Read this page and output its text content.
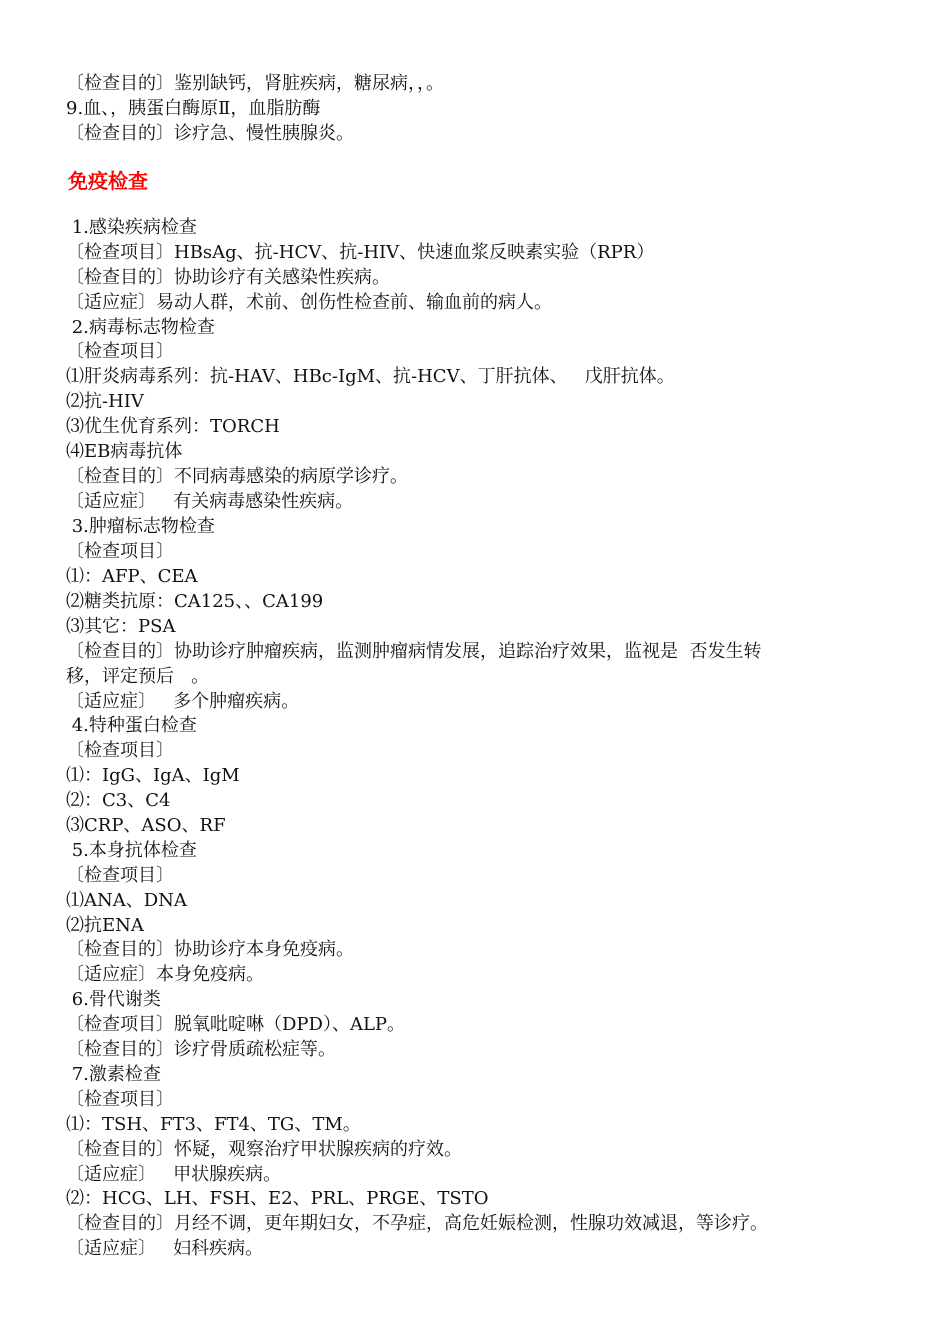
〔检查目的〕鉴别缺钙，肾脏疾病，糖尿病，，。
9.血、，胰蛋白酶原Ⅱ，血脂肪酶
〔检查目的〕诊疗急、慢性胰腺炎。
免疫检查
1.感染疾病检查
〔检查项目〕HBsAg、抗-HCV、抗-HIV、快速血浆反映素实验（RPR）
〔检查目的〕协助诊疗有关感染性疾病。
〔适应症〕易动人群，术前、创伤性检查前、输血前的病人。
2.病毒标志物检查
〔检查项目〕
⑴肝炎病毒系列：抗-HAV、HBc-IgM、抗-HCV、丁肝抗体、   戊肝抗体。
⑵抗-HIV
⑶优生优育系列：TORCH
⑷EB病毒抗体
〔检查目的〕不同病毒感染的病原学诊疗。
〔适应症〕   有关病毒感染性疾病。
3.肿瘤标志物检查
〔检查项目〕
⑴：AFP、CEA
⑵糖类抗原：CA125、、CA199
⑶其它：PSA
〔检查目的〕协助诊疗肿瘤疾病，监测肿瘤病情发展，追踪治疗效果，监视是  否发生转
移，评定预后   。
〔适应症〕   多个肿瘤疾病。
4.特种蛋白检查
〔检查项目〕
⑴：IgG、IgA、IgM
⑵：C3、C4
⑶CRP、ASO、RF
5.本身抗体检查
〔检查项目〕
⑴ANA、DNA
⑵抗ENA
〔检查目的〕协助诊疗本身免疫病。
〔适应症〕本身免疫病。
6.骨代谢类
〔检查项目〕脱氧吡啶啉（DPD）、ALP。
〔检查目的〕诊疗骨质疏松症等。
7.激素检查
〔检查项目〕
⑴：TSH、FT3、FT4、TG、TM。
〔检查目的〕怀疑，观察治疗甲状腺疾病的疗效。
〔适应症〕   甲状腺疾病。
⑵：HCG、LH、FSH、E2、PRL、PRGE、TSTO
〔检查目的〕月经不调，更年期妇女，不孕症，高危妊娠检测，性腺功效减退，等诊疗。
〔适应症〕   妇科疾病。
